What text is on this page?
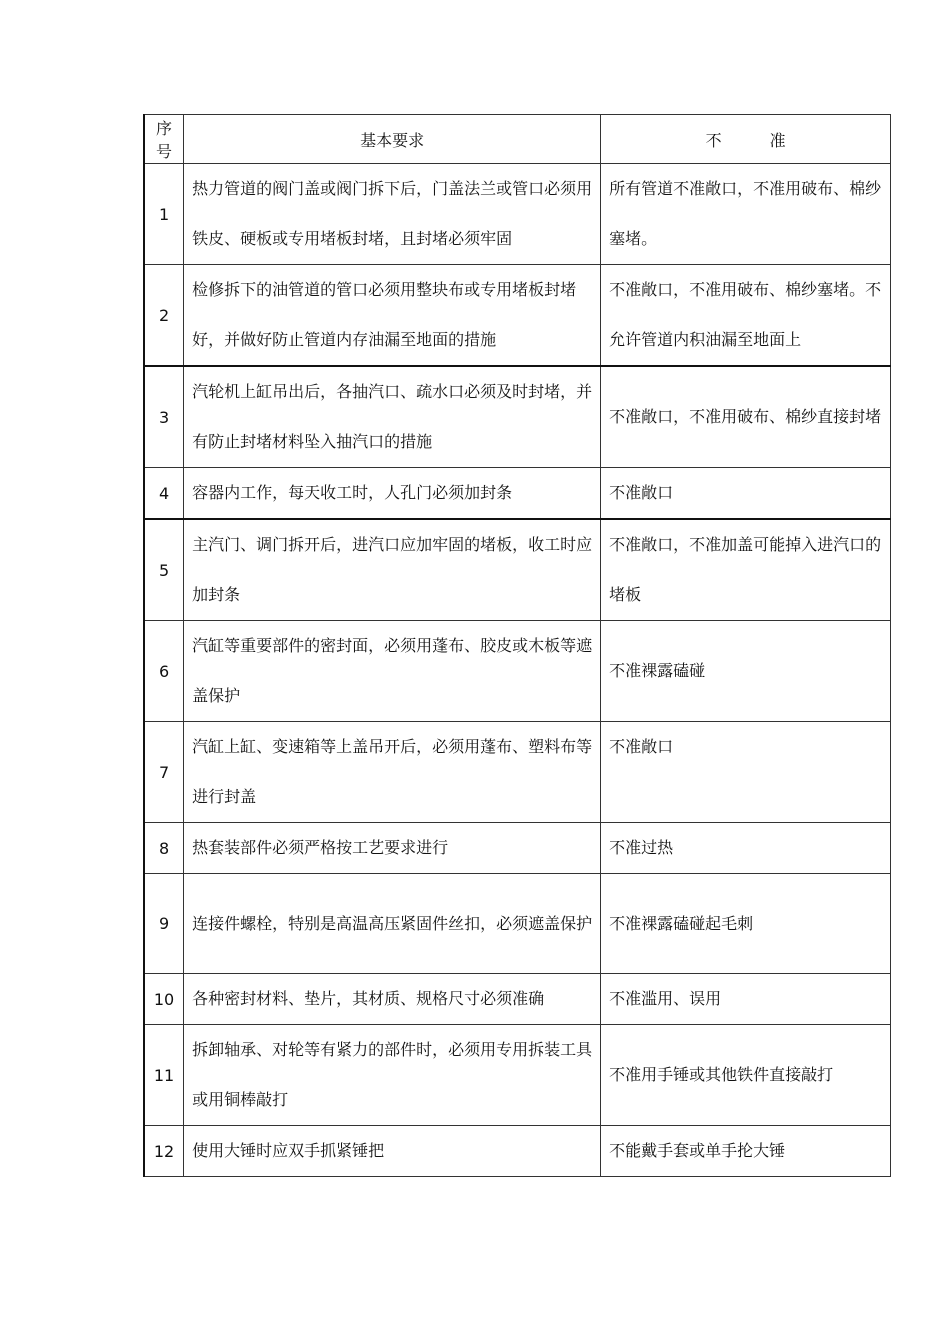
序号	基本要求	不 准
1	热力管道的阀门盖或阀门拆下后，门盖法兰或管口必须用铁皮、硬板或专用堵板封堵，且封堵必须牢固	所有管道不准敞口，不准用破布、棉纱塞堵。
2	检修拆下的油管道的管口必须用整块布或专用堵板封堵好，并做好防止管道内存油漏至地面的措施	不准敞口，不准用破布、棉纱塞堵。不允许管道内积油漏至地面上
3	汽轮机上缸吊出后，各抽汽口、疏水口必须及时封堵，并有防止封堵材料坠入抽汽口的措施	不准敞口，不准用破布、棉纱直接封堵
4	容器内工作，每天收工时，人孔门必须加封条	不准敞口
5	主汽门、调门拆开后，进汽口应加牢固的堵板，收工时应加封条	不准敞口，不准加盖可能掉入进汽口的堵板
6	汽缸等重要部件的密封面，必须用蓬布、胶皮或木板等遮盖保护	不准裸露磕碰
7	汽缸上缸、变速箱等上盖吊开后，必须用蓬布、塑料布等进行封盖	不准敞口
8	热套装部件必须严格按工艺要求进行	不准过热
9	连接件螺栓，特别是高温高压紧固件丝扣，必须遮盖保护	不准裸露磕碰起毛刺
10	各种密封材料、垫片，其材质、规格尺寸必须准确	不准滥用、误用
11	拆卸轴承、对轮等有紧力的部件时，必须用专用拆装工具或用铜棒敲打	不准用手锤或其他铁件直接敲打
12	使用大锤时应双手抓紧锤把	不能戴手套或单手抡大锤
